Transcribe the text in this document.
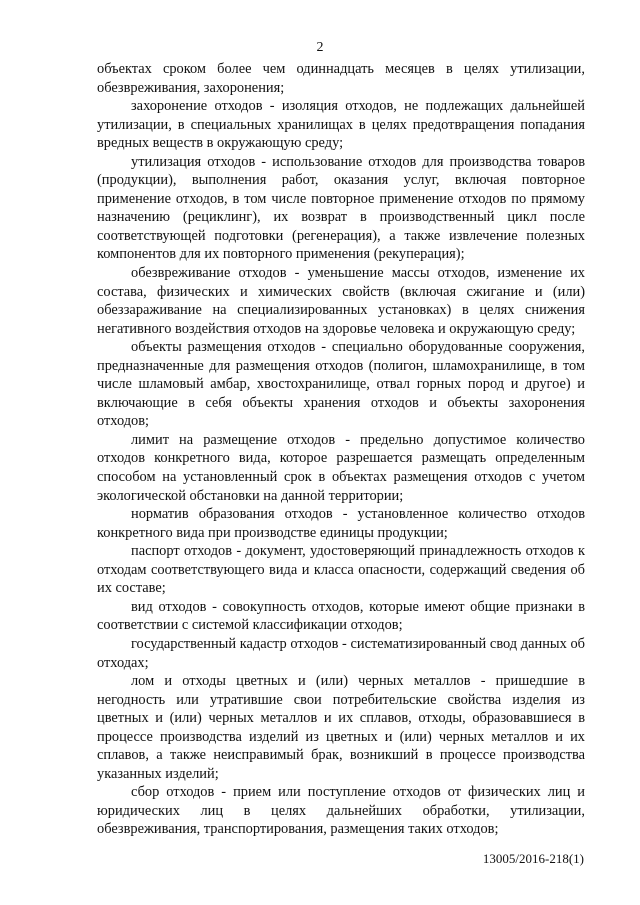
2

объектах сроком более чем одиннадцать месяцев в целях утилизации, обезвреживания, захоронения;

захоронение отходов - изоляция отходов, не подлежащих дальнейшей утилизации, в специальных хранилищах в целях предотвращения попадания вредных веществ в окружающую среду;

утилизация отходов - использование отходов для производства товаров (продукции), выполнения работ, оказания услуг, включая повторное применение отходов, в том числе повторное применение отходов по прямому назначению (рециклинг), их возврат в производственный цикл после соответствующей подготовки (регенерация), а также извлечение полезных компонентов для их повторного применения (рекуперация);

обезвреживание отходов - уменьшение массы отходов, изменение их состава, физических и химических свойств (включая сжигание и (или) обеззараживание на специализированных установках) в целях снижения негативного воздействия отходов на здоровье человека и окружающую среду;

объекты размещения отходов - специально оборудованные сооружения, предназначенные для размещения отходов (полигон, шламохранилище, в том числе шламовый амбар, хвостохранилище, отвал горных пород и другое) и включающие в себя объекты хранения отходов и объекты захоронения отходов;

лимит на размещение отходов - предельно допустимое количество отходов конкретного вида, которое разрешается размещать определенным способом на установленный срок в объектах размещения отходов с учетом экологической обстановки на данной территории;

норматив образования отходов - установленное количество отходов конкретного вида при производстве единицы продукции;

паспорт отходов - документ, удостоверяющий принадлежность отходов к отходам соответствующего вида и класса опасности, содержащий сведения об их составе;

вид отходов - совокупность отходов, которые имеют общие признаки в соответствии с системой классификации отходов;

государственный кадастр отходов - систематизированный свод данных об отходах;

лом и отходы цветных и (или) черных металлов - пришедшие в негодность или утратившие свои потребительские свойства изделия из цветных и (или) черных металлов и их сплавов, отходы, образовавшиеся в процессе производства изделий из цветных и (или) черных металлов и их сплавов, а также неисправимый брак, возникший в процессе производства указанных изделий;

сбор отходов - прием или поступление отходов от физических лиц и юридических лиц в целях дальнейших обработки, утилизации, обезвреживания, транспортирования, размещения таких отходов;

13005/2016-218(1)
